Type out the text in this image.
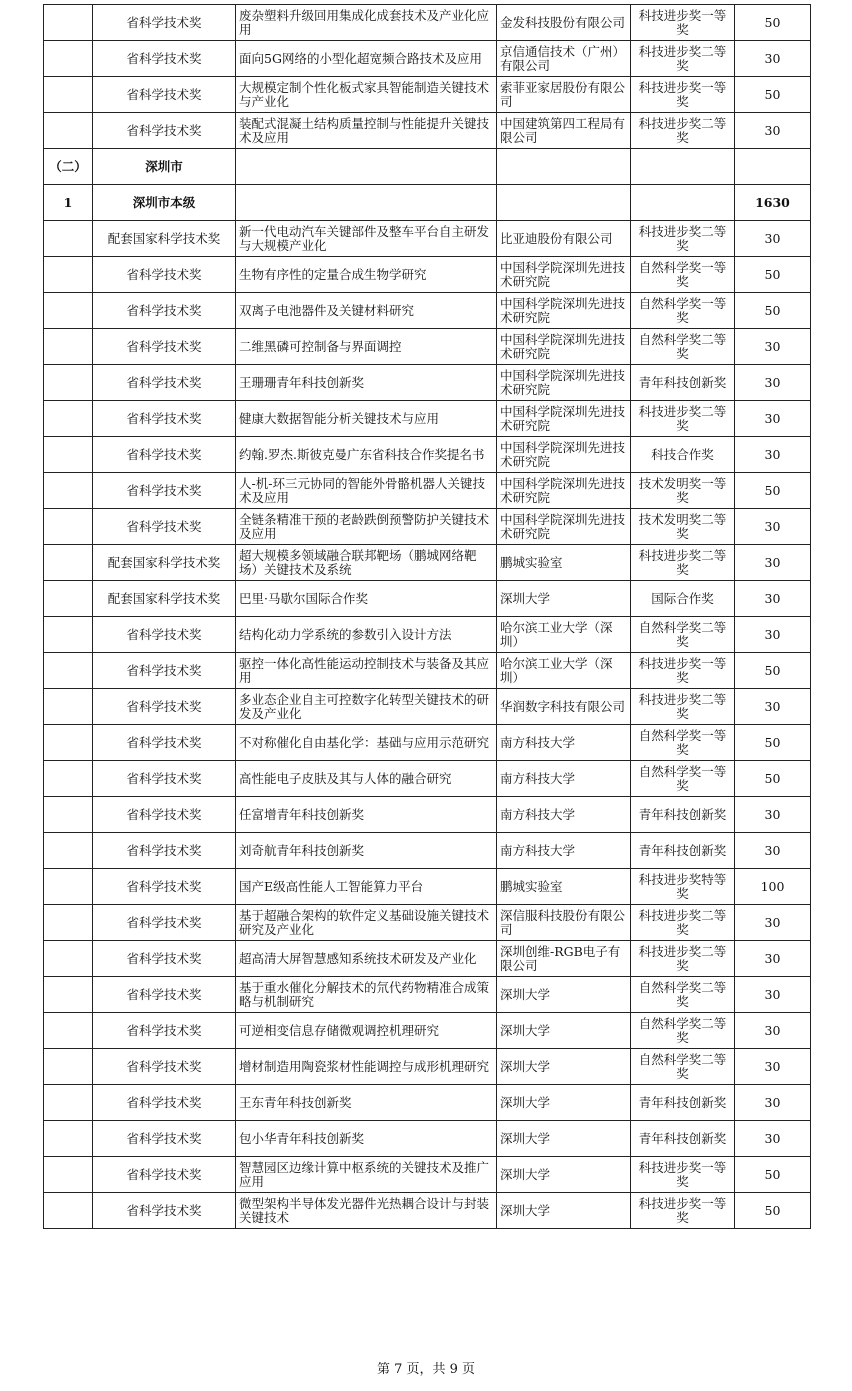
	省科学技术奖	废杂塑料升级回用集成化成套技术及产业化应用	金发科技股份有限公司	科技进步奖一等奖	50
	省科学技术奖	面向5G网络的小型化超宽频合路技术及应用	京信通信技术（广州）有限公司	科技进步奖二等奖	30
	省科学技术奖	大规模定制个性化板式家具智能制造关键技术与产业化	索菲亚家居股份有限公司	科技进步奖一等奖	50
	省科学技术奖	装配式混凝土结构质量控制与性能提升关键技术及应用	中国建筑第四工程局有限公司	科技进步奖二等奖	30
（二）	深圳市				
1	深圳市本级				1630
	配套国家科学技术奖	新一代电动汽车关键部件及整车平台自主研发与大规模产业化	比亚迪股份有限公司	科技进步奖二等奖	30
	省科学技术奖	生物有序性的定量合成生物学研究	中国科学院深圳先进技术研究院	自然科学奖一等奖	50
	省科学技术奖	双离子电池器件及关键材料研究	中国科学院深圳先进技术研究院	自然科学奖一等奖	50
	省科学技术奖	二维黑磷可控制备与界面调控	中国科学院深圳先进技术研究院	自然科学奖二等奖	30
	省科学技术奖	王珊珊青年科技创新奖	中国科学院深圳先进技术研究院	青年科技创新奖	30
	省科学技术奖	健康大数据智能分析关键技术与应用	中国科学院深圳先进技术研究院	科技进步奖二等奖	30
	省科学技术奖	约翰.罗杰.斯彼克曼广东省科技合作奖提名书	中国科学院深圳先进技术研究院	科技合作奖	30
	省科学技术奖	人-机-环三元协同的智能外骨骼机器人关键技术及应用	中国科学院深圳先进技术研究院	技术发明奖一等奖	50
	省科学技术奖	全链条精准干预的老龄跌倒预警防护关键技术及应用	中国科学院深圳先进技术研究院	技术发明奖二等奖	30
	配套国家科学技术奖	超大规模多领域融合联邦靶场（鹏城网络靶场）关键技术及系统	鹏城实验室	科技进步奖二等奖	30
	配套国家科学技术奖	巴里·马歇尔国际合作奖	深圳大学	国际合作奖	30
	省科学技术奖	结构化动力学系统的参数引入设计方法	哈尔滨工业大学（深圳）	自然科学奖二等奖	30
	省科学技术奖	驱控一体化高性能运动控制技术与装备及其应用	哈尔滨工业大学（深圳）	科技进步奖一等奖	50
	省科学技术奖	多业态企业自主可控数字化转型关键技术的研发及产业化	华润数字科技有限公司	科技进步奖二等奖	30
	省科学技术奖	不对称催化自由基化学：基础与应用示范研究	南方科技大学	自然科学奖一等奖	50
	省科学技术奖	高性能电子皮肤及其与人体的融合研究	南方科技大学	自然科学奖一等奖	50
	省科学技术奖	任富增青年科技创新奖	南方科技大学	青年科技创新奖	30
	省科学技术奖	刘奇航青年科技创新奖	南方科技大学	青年科技创新奖	30
	省科学技术奖	国产E级高性能人工智能算力平台	鹏城实验室	科技进步奖特等奖	100
	省科学技术奖	基于超融合架构的软件定义基础设施关键技术研究及产业化	深信服科技股份有限公司	科技进步奖二等奖	30
	省科学技术奖	超高清大屏智慧感知系统技术研发及产业化	深圳创维-RGB电子有限公司	科技进步奖二等奖	30
	省科学技术奖	基于重水催化分解技术的氘代药物精准合成策略与机制研究	深圳大学	自然科学奖二等奖	30
	省科学技术奖	可逆相变信息存储微观调控机理研究	深圳大学	自然科学奖二等奖	30
	省科学技术奖	增材制造用陶瓷浆材性能调控与成形机理研究	深圳大学	自然科学奖二等奖	30
	省科学技术奖	王东青年科技创新奖	深圳大学	青年科技创新奖	30
	省科学技术奖	包小华青年科技创新奖	深圳大学	青年科技创新奖	30
	省科学技术奖	智慧园区边缘计算中枢系统的关键技术及推广应用	深圳大学	科技进步奖一等奖	50
	省科学技术奖	微型架构半导体发光器件光热耦合设计与封装关键技术	深圳大学	科技进步奖一等奖	50
第 7 页，共 9 页
